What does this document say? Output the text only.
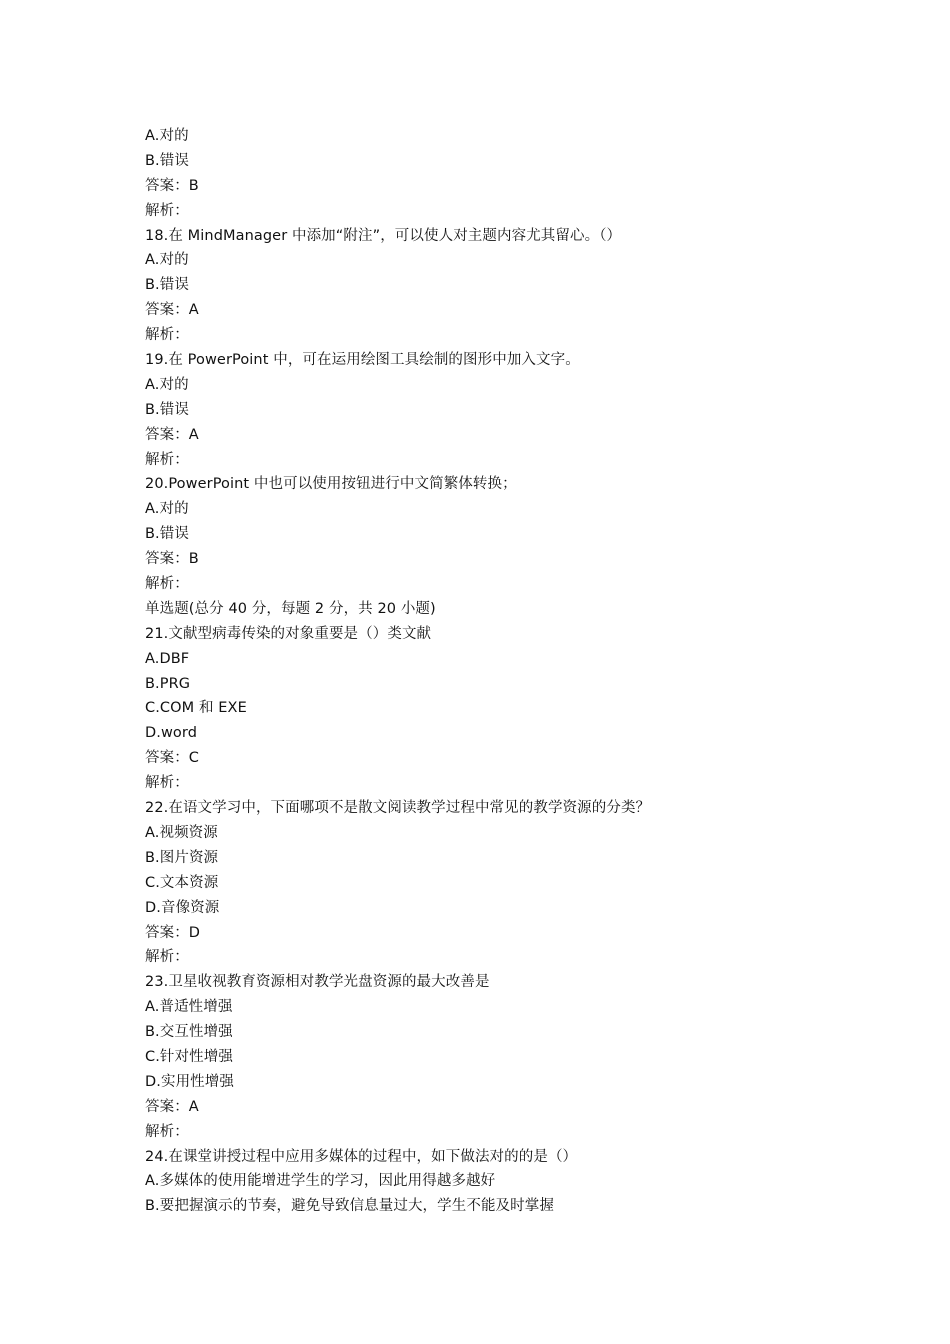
A.对的
B.错误
答案：B
解析：
18.在 MindManager 中添加“附注”，可以使人对主题内容尤其留心。（）
A.对的
B.错误
答案：A
解析：
19.在 PowerPoint 中，可在运用绘图工具绘制的图形中加入文字。
A.对的
B.错误
答案：A
解析：
20.PowerPoint 中也可以使用按钮进行中文简繁体转换；
A.对的
B.错误
答案：B
解析：
单选题(总分 40 分，每题 2 分，共 20 小题)
21.文献型病毒传染的对象重要是（）类文献
A.DBF
B.PRG
C.COM 和 EXE
D.word
答案：C
解析：
22.在语文学习中，下面哪项不是散文阅读教学过程中常见的教学资源的分类？
A.视频资源
B.图片资源
C.文本资源
D.音像资源
答案：D
解析：
23.卫星收视教育资源相对教学光盘资源的最大改善是
A.普适性增强
B.交互性增强
C.针对性增强
D.实用性增强
答案：A
解析：
24.在课堂讲授过程中应用多媒体的过程中，如下做法对的的是（）
A.多媒体的使用能增进学生的学习，因此用得越多越好
B.要把握演示的节奏，避免导致信息量过大，学生不能及时掌握
